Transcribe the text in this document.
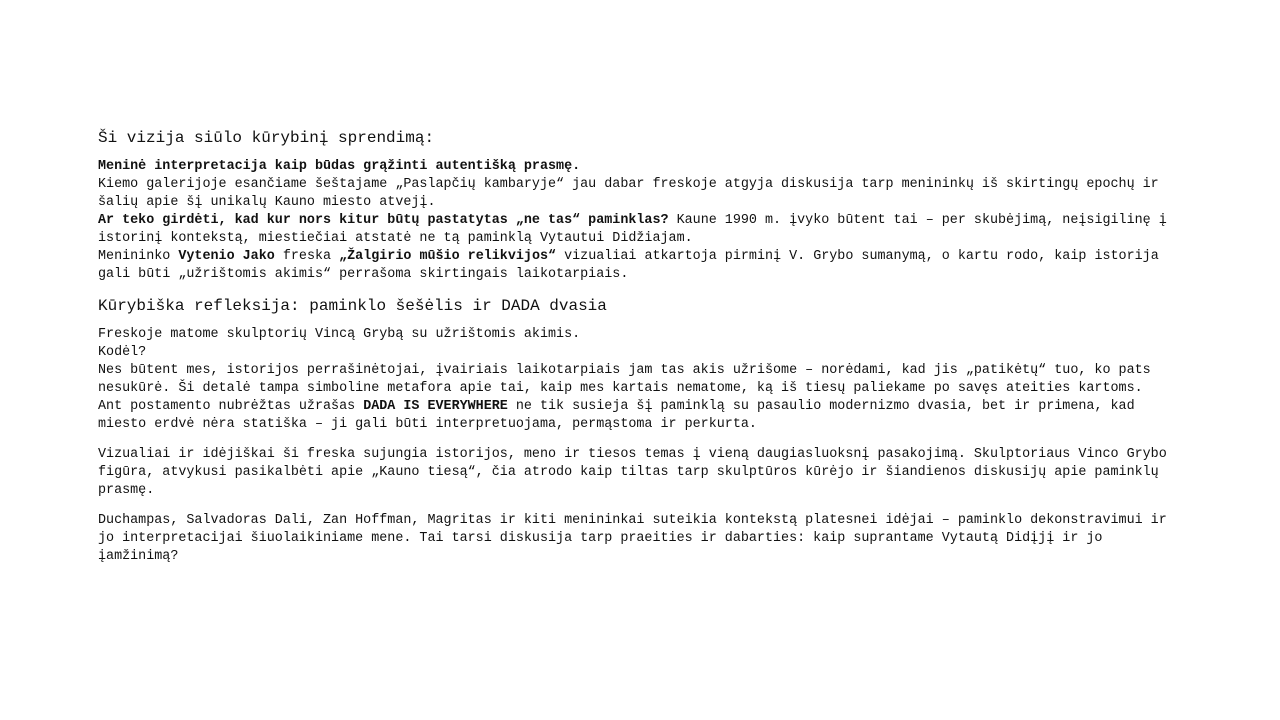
Ši vizija siūlo kūrybinį sprendimą:

Meninė interpretacija kaip būdas grąžinti autentišką prasmę.

Kiemo galerijoje esančiame šeštajame „Paslapčių kambaryje“ jau dabar freskoje atgyja diskusija tarp menininkų iš skirtingų epochų ir šalių apie šį unikalų Kauno miesto atvejį.

Ar teko girdėti, kad kur nors kitur būtų pastatytas „ne tas“ paminklas? Kaune 1990 m. įvyko būtent tai – per skubėjimą, neįsigilinę į istorinį kontekstą, miestiečiai atstatė ne tą paminklą Vytautui Didžiajam.

Menininko Vytenio Jako freska „Žalgirio mūšio relikvijos“ vizualiai atkartoja pirminį V. Grybo sumanymą, o kartu rodo, kaip istorija gali būti „užrištomis akimis“ perrašoma skirtingais laikotarpiais.

Kūrybiška refleksija: paminklo šešėlis ir DADA dvasia

Freskoje matome skulptorių Vincą Grybą su užrištomis akimis.

Kodėl?

Nes būtent mes, istorijos perrašinėtojai, įvairiais laikotarpiais jam tas akis užrišome – norėdami, kad jis „patikėtų“ tuo, ko pats nesukūrė. Ši detalė tampa simboline metafora apie tai, kaip mes kartais nematome, ką iš tiesų paliekame po savęs ateities kartoms.

Ant postamento nubrėžtas užrašas DADA IS EVERYWHERE ne tik susieja šį paminklą su pasaulio modernizmo dvasia, bet ir primena, kad miesto erdvė nėra statiška – ji gali būti interpretuojama, permąstoma ir perkurta.

Vizualiai ir idėjiškai ši freska sujungia istorijos, meno ir tiesos temas į vieną daugiasluoksnį pasakojimą. Skulptoriaus Vinco Grybo figūra, atvykusi pasikalbėti apie „Kauno tiesą“, čia atrodo kaip tiltas tarp skulptūros kūrėjo ir šiandienos diskusijų apie paminklų prasmę.

Duchampas, Salvadoras Dali, Zan Hoffman, Magritas ir kiti menininkai suteikia kontekstą platesnei idėjai – paminklo dekonstravimui ir jo interpretacijai šiuolaikiniame mene. Tai tarsi diskusija tarp praeities ir dabarties: kaip suprantame Vytautą Didįjį ir jo įamžinimą?
